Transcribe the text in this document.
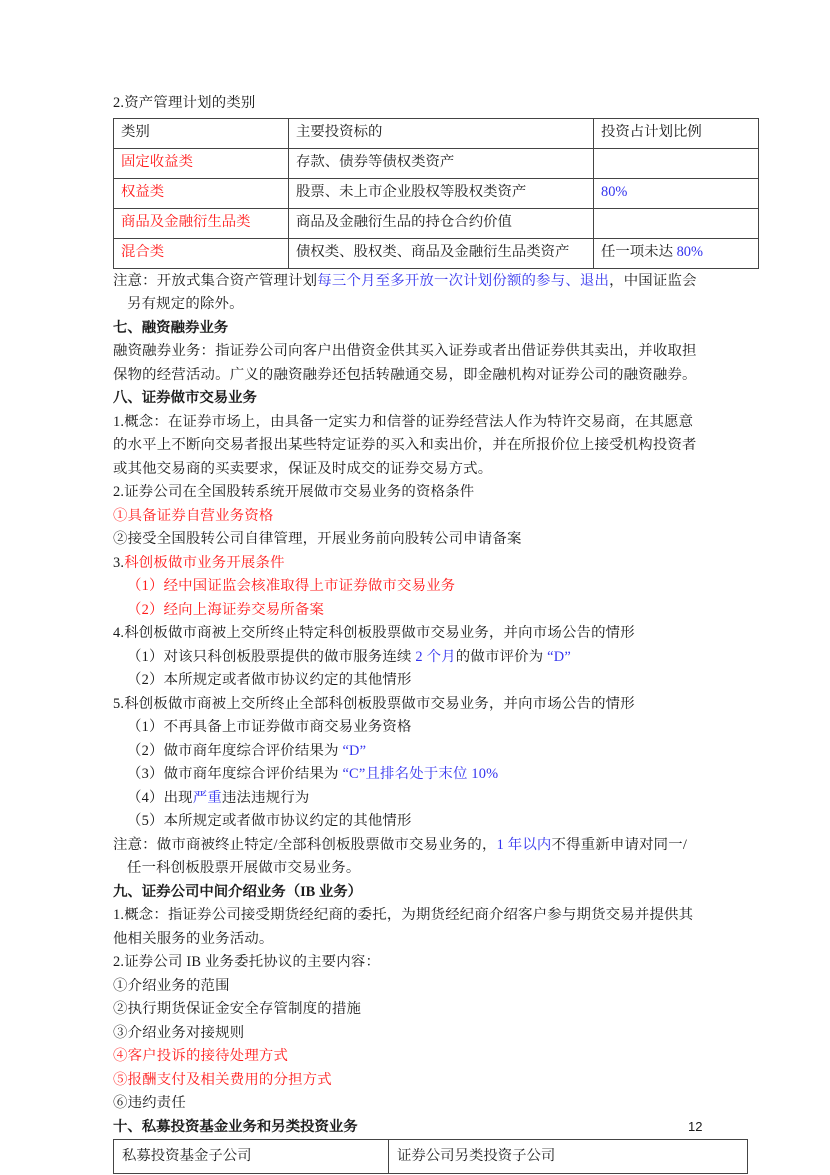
2.资产管理计划的类别
类别	主要投资标的	投资占计划比例
固定收益类	存款、债券等债权类资产	
权益类	股票、未上市企业股权等股权类资产	80%
商品及金融衍生品类	商品及金融衍生品的持仓合约价值	
混合类	债权类、股权类、商品及金融衍生品类资产	任一项未达 80%
注意：开放式集合资产管理计划每三个月至多开放一次计划份额的参与、退出，中国证监会
另有规定的除外。
七、融资融券业务
融资融券业务：指证券公司向客户出借资金供其买入证券或者出借证券供其卖出，并收取担
保物的经营活动。广义的融资融券还包括转融通交易，即金融机构对证券公司的融资融券。
八、证券做市交易业务
1.概念：在证券市场上，由具备一定实力和信誉的证券经营法人作为特许交易商，在其愿意
的水平上不断向交易者报出某些特定证券的买入和卖出价，并在所报价位上接受机构投资者
或其他交易商的买卖要求，保证及时成交的证券交易方式。
2.证券公司在全国股转系统开展做市交易业务的资格条件
①具备证券自营业务资格
②接受全国股转公司自律管理，开展业务前向股转公司申请备案
3.科创板做市业务开展条件
（1）经中国证监会核准取得上市证券做市交易业务
（2）经向上海证券交易所备案
4.科创板做市商被上交所终止特定科创板股票做市交易业务，并向市场公告的情形
（1）对该只科创板股票提供的做市服务连续 2 个月的做市评价为 “D”
（2）本所规定或者做市协议约定的其他情形
5.科创板做市商被上交所终止全部科创板股票做市交易业务，并向市场公告的情形
（1）不再具备上市证券做市商交易业务资格
（2）做市商年度综合评价结果为 “D”
（3）做市商年度综合评价结果为 “C”且排名处于末位 10%
（4）出现严重违法违规行为
（5）本所规定或者做市协议约定的其他情形
注意：做市商被终止特定/全部科创板股票做市交易业务的，1 年以内不得重新申请对同一/
任一科创板股票开展做市交易业务。
九、证券公司中间介绍业务（IB 业务）
1.概念：指证券公司接受期货经纪商的委托，为期货经纪商介绍客户参与期货交易并提供其
他相关服务的业务活动。
2.证券公司 IB 业务委托协议的主要内容：
①介绍业务的范围
②执行期货保证金安全存管制度的措施
③介绍业务对接规则
④客户投诉的接待处理方式
⑤报酬支付及相关费用的分担方式
⑥违约责任
十、私募投资基金业务和另类投资业务
私募投资基金子公司	证券公司另类投资子公司
12
